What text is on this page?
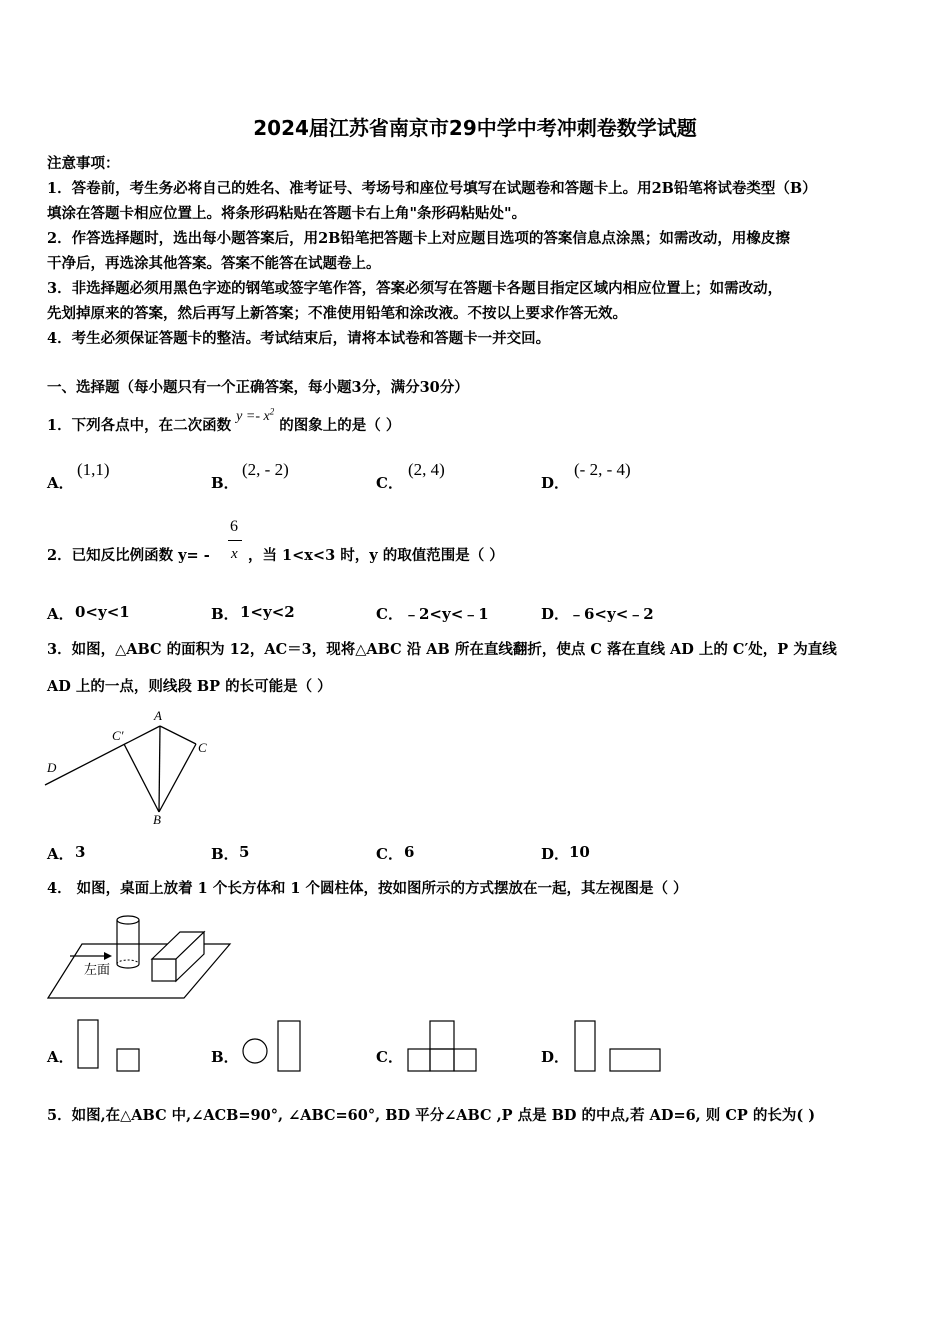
2024届江苏省南京市29中学中考冲刺卷数学试题
注意事项：
1．答卷前，考生务必将自己的姓名、准考证号、考场号和座位号填写在试题卷和答题卡上。用2B铅笔将试卷类型（B）
填涂在答题卡相应位置上。将条形码粘贴在答题卡右上角"条形码粘贴处"。
2．作答选择题时，选出每小题答案后，用2B铅笔把答题卡上对应题目选项的答案信息点涂黑；如需改动，用橡皮擦
干净后，再选涂其他答案。答案不能答在试题卷上。
3．非选择题必须用黑色字迹的钢笔或签字笔作答，答案必须写在答题卡各题目指定区域内相应位置上；如需改动，
先划掉原来的答案，然后再写上新答案；不准使用铅笔和涂改液。不按以上要求作答无效。
4．考生必须保证答题卡的整洁。考试结束后，请将本试卷和答题卡一并交回。
一、选择题（每小题只有一个正确答案，每小题3分，满分30分）
1．下列各点中，在二次函数 $y =- x^2$ 的图象上的是（ ）
A．
(1,1)
B．
(2, - 2)
C．
(2, 4)
D．
(- 2, - 4)
2．已知反比例函数 y= -
6
x ，当 1<x<3 时，y 的取值范围是（ ）
A． 0<y<1	B． 1<y<2	C． ﹣2<y<﹣1	D． ﹣6<y<﹣2
3．如图，△ABC 的面积为 12，AC＝3，现将△ABC 沿 AB 所在直线翻折，使点 C 落在直线 AD 上的 C′处，P 为直线
AD 上的一点，则线段 BP 的长可能是（ ）
A
C′
C
D
B
A． 3	B． 5	C． 6	D． 10
4． 如图，桌面上放着 1 个长方体和 1 个圆柱体，按如图所示的方式摆放在一起，其左视图是（ ）
左面
A．	B．	C．	D．
5．如图,在△ABC 中,∠ACB=90°, ∠ABC=60°, BD 平分∠ABC ,P 点是 BD 的中点,若 AD=6, 则 CP 的长为( )
